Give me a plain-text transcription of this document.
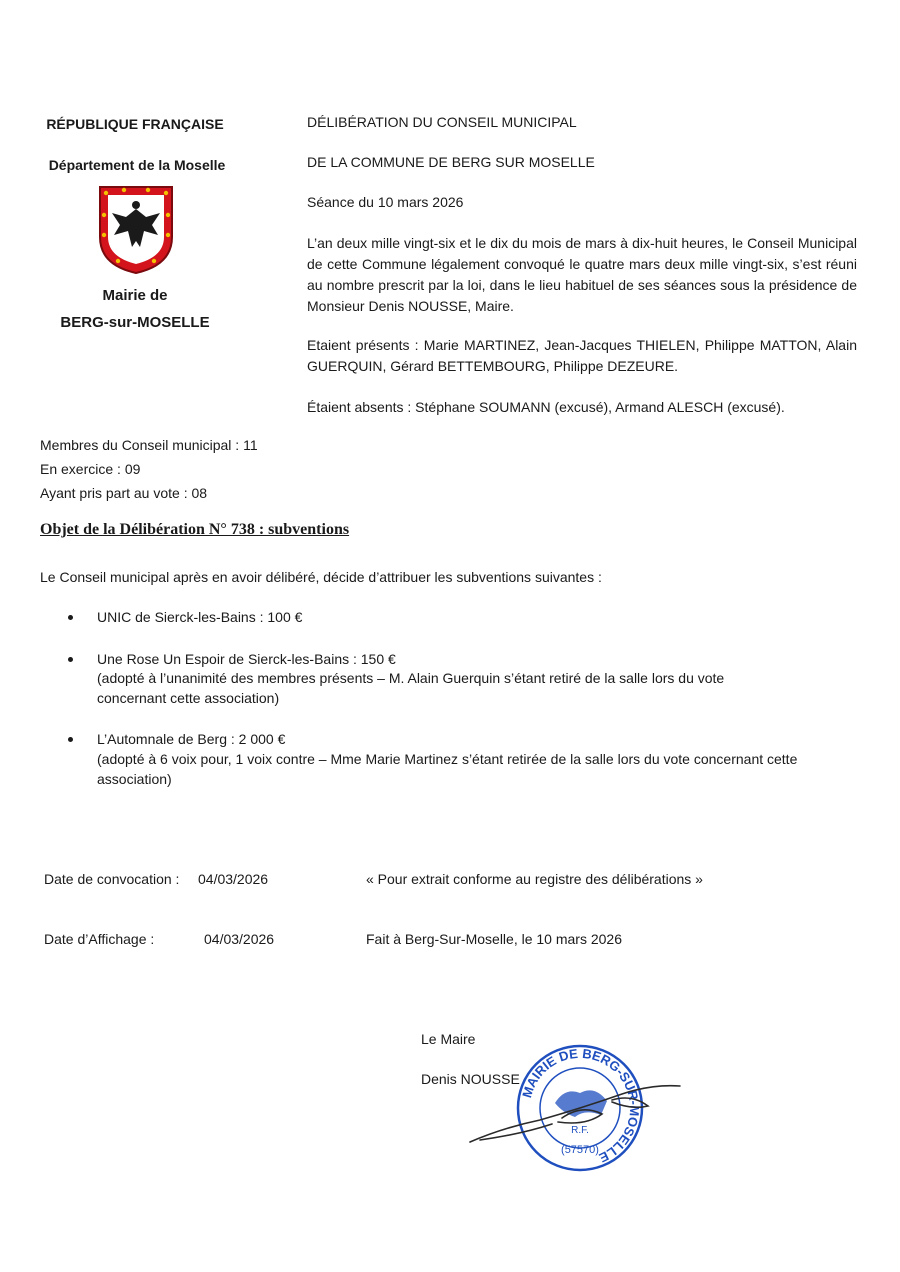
RÉPUBLIQUE FRANÇAISE
Département de la Moselle
Mairie de
BERG-sur-MOSELLE
DÉLIBÉRATION DU CONSEIL MUNICIPAL
DE LA COMMUNE DE BERG SUR MOSELLE
Séance du 10 mars 2026
L’an deux mille vingt-six et le dix du mois de mars à dix-huit heures, le Conseil Municipal de cette Commune légalement convoqué le quatre mars deux mille vingt-six, s’est réuni au nombre prescrit par la loi, dans le lieu habituel de ses séances sous la présidence de Monsieur Denis NOUSSE, Maire.
Etaient présents : Marie MARTINEZ, Jean-Jacques THIELEN, Philippe MATTON, Alain GUERQUIN, Gérard BETTEMBOURG, Philippe DEZEURE.
Étaient absents : Stéphane SOUMANN (excusé), Armand ALESCH (excusé).
Membres du Conseil municipal : 11
En exercice : 09
Ayant pris part au vote : 08
Objet de la Délibération N° 738 : subventions
Le Conseil municipal après en avoir délibéré, décide d’attribuer les subventions suivantes :
UNIC de Sierck-les-Bains : 100 €
Une Rose Un Espoir de Sierck-les-Bains : 150 €
(adopté à l’unanimité des membres présents – M. Alain Guerquin s’étant retiré de la salle lors du vote concernant cette association)
L’Automnale de Berg : 2 000 €
(adopté à 6 voix pour, 1 voix contre – Mme Marie Martinez s’étant retirée de la salle lors du vote concernant cette association)
Date de convocation : 04/03/2026	« Pour extrait conforme au registre des délibérations »
Date d’Affichage :	04/03/2026	Fait à Berg-Sur-Moselle, le 10 mars 2026
Le Maire
Denis NOUSSE
MAIRIE DE BERG-SUR-MOSELLE
R.F.
(57570)
